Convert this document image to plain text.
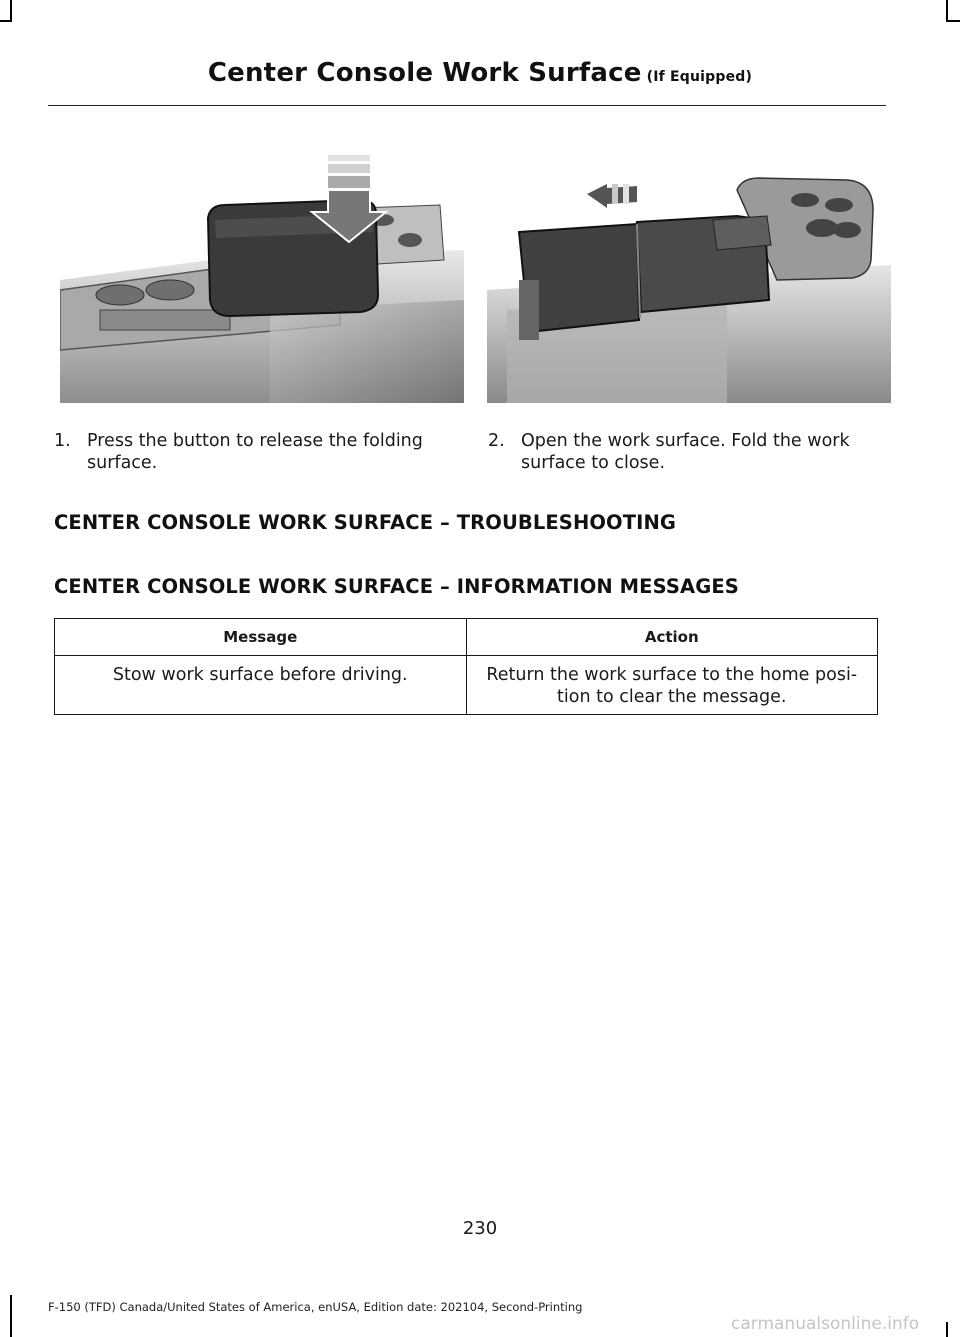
Center Console Work Surface (If Equipped)
1. Press the button to release the folding
surface.
2. Open the work surface. Fold the work
surface to close.
CENTER CONSOLE WORK SURFACE – TROUBLESHOOTING
CENTER CONSOLE WORK SURFACE – INFORMATION MESSAGES
Message	Action
Stow work surface before driving.	Return the work surface to the home posi-
tion to clear the message.
230
F-150 (TFD) Canada/United States of America, enUSA, Edition date: 202104, Second-Printing
carmanualsonline.info
